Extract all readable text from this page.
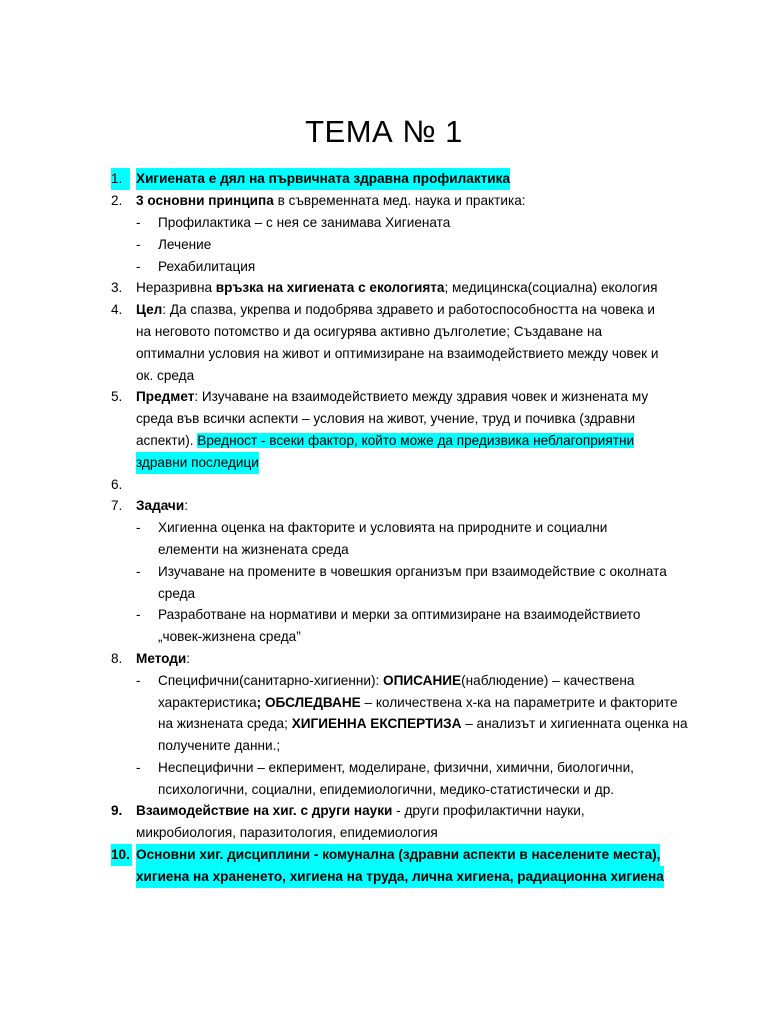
ТЕМА № 1
1.	Хигиената е дял на първичната здравна профилактика
2. 3 основни принципа в съвременната мед. наука и практика:
- Профилактика – с нея се занимава Хигиената
- Лечение
- Рехабилитация
3. Неразривна връзка на хигиената с екологията; медицинска(социална) екология
4. Цел: Да спазва, укрепва и подобрява здравето и работоспособността на човека и
на неговото потомство и да осигурява активно дълголетие; Създаване на
оптимални условия на живот и оптимизиране на взаимодействието между човек и
ок. среда
5. Предмет: Изучаване на взаимодействието между здравия човек и жизнената му
среда във всички аспекти – условия на живот, учение, труд и почивка (здравни
аспекти). Вредност - всеки фактор, който може да предизвика неблагоприятни
здравни последици
6.
7. Задачи:
- Хигиенна оценка на факторите и условията на природните и социални
елементи на жизнената среда
- Изучаване на промените в човешкия организъм при взаимодействие с околната
среда
- Разработване на нормативи и мерки за оптимизиране на взаимодействието
„човек-жизнена среда”
8. Методи:
- Специфични(санитарно-хигиенни): ОПИСАНИЕ(наблюдение) – качествена
характеристика; ОБСЛЕДВАНЕ – количествена х-ка на параметрите и факторите
на жизнената среда; ХИГИЕННА ЕКСПЕРТИЗА – анализът и хигиенната оценка на
получените данни.;
- Неспецифични – екперимент, моделиране, физични, химични, биологични,
психологични, социални, епидемиологични, медико-статистически и др.
9. Взаимодействие на хиг. с други науки - други профилактични науки,
микробиология, паразитология, епидемиология
10. Основни хиг. дисциплини - комунална (здравни аспекти в населените места),
хигиена на храненето, хигиена на труда, лична хигиена, радиационна хигиена
